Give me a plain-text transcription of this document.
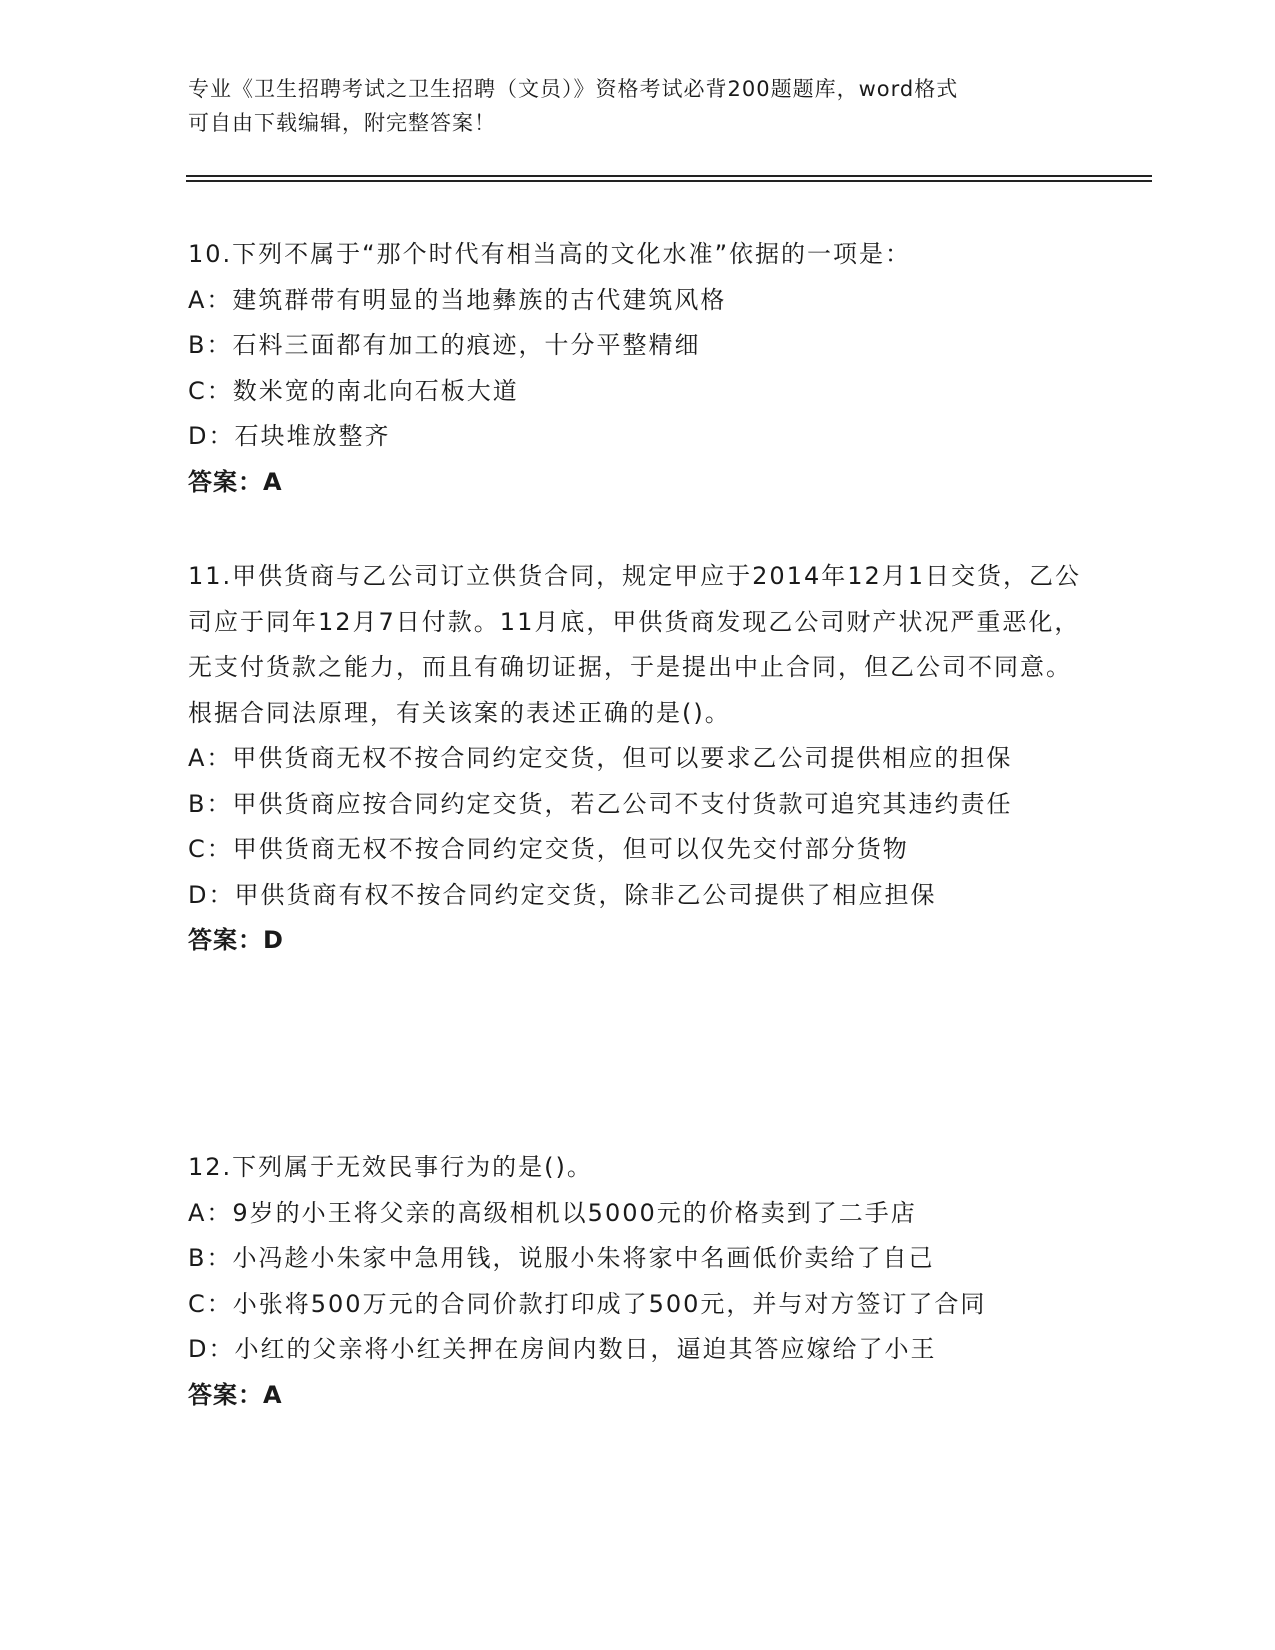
专业《卫生招聘考试之卫生招聘（文员）》资格考试必背200题题库，word格式
可自由下载编辑，附完整答案！

10.下列不属于“那个时代有相当高的文化水准”依据的一项是：

A：建筑群带有明显的当地彝族的古代建筑风格

B：石料三面都有加工的痕迹，十分平整精细

C：数米宽的南北向石板大道

D：石块堆放整齐

答案：A

11.甲供货商与乙公司订立供货合同，规定甲应于2014年12月1日交货，乙公司应于同年12月7日付款。11月底，甲供货商发现乙公司财产状况严重恶化，无支付货款之能力，而且有确切证据，于是提出中止合同，但乙公司不同意。根据合同法原理，有关该案的表述正确的是()。

A：甲供货商无权不按合同约定交货，但可以要求乙公司提供相应的担保

B：甲供货商应按合同约定交货，若乙公司不支付货款可追究其违约责任

C：甲供货商无权不按合同约定交货，但可以仅先交付部分货物

D：甲供货商有权不按合同约定交货，除非乙公司提供了相应担保

答案：D

12.下列属于无效民事行为的是()。

A：9岁的小王将父亲的高级相机以5000元的价格卖到了二手店

B：小冯趁小朱家中急用钱，说服小朱将家中名画低价卖给了自己

C：小张将500万元的合同价款打印成了500元，并与对方签订了合同

D：小红的父亲将小红关押在房间内数日，逼迫其答应嫁给了小王

答案：A
